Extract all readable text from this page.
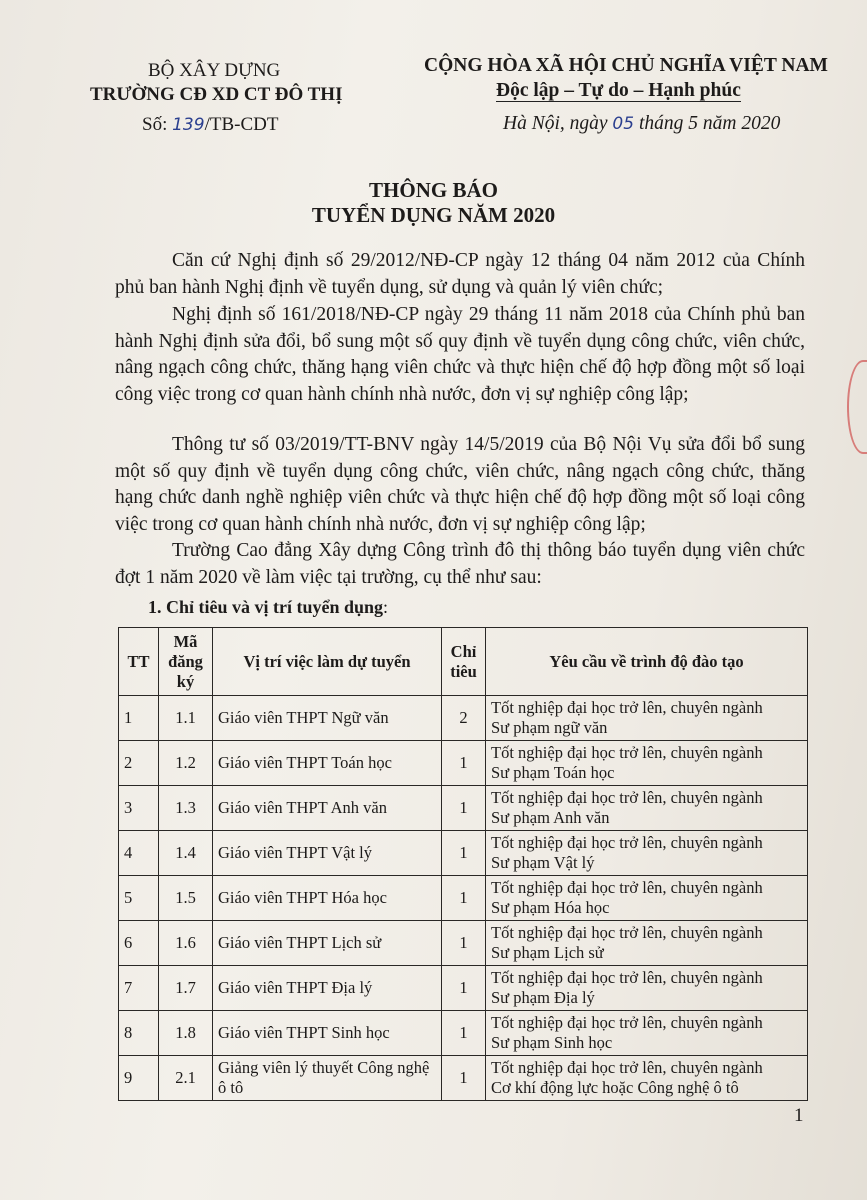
BỘ XÂY DỰNG
TRƯỜNG CĐ XD CT ĐÔ THỊ
Số: 139/TB-CDT
CỘNG HÒA XÃ HỘI CHỦ NGHĨA VIỆT NAM
Độc lập – Tự do – Hạnh phúc
Hà Nội, ngày 05 tháng 5 năm 2020
THÔNG BÁO
TUYỂN DỤNG NĂM 2020
Căn cứ Nghị định số 29/2012/NĐ-CP ngày 12 tháng 04 năm 2012 của Chính phủ ban hành Nghị định về tuyển dụng, sử dụng và quản lý viên chức;
Nghị định số 161/2018/NĐ-CP ngày 29 tháng 11 năm 2018 của Chính phủ ban hành Nghị định sửa đổi, bổ sung một số quy định về tuyển dụng công chức, viên chức, nâng ngạch công chức, thăng hạng viên chức và thực hiện chế độ hợp đồng một số loại công việc trong cơ quan hành chính nhà nước, đơn vị sự nghiệp công lập;
Thông tư số 03/2019/TT-BNV ngày 14/5/2019 của Bộ Nội Vụ sửa đổi bổ sung một số quy định về tuyển dụng công chức, viên chức, nâng ngạch công chức, thăng hạng chức danh nghề nghiệp viên chức và thực hiện chế độ hợp đồng một số loại công việc trong cơ quan hành chính nhà nước, đơn vị sự nghiệp công lập;
Trường Cao đẳng Xây dựng Công trình đô thị thông báo tuyển dụng viên chức đợt 1 năm 2020 về làm việc tại trường, cụ thể như sau:
1. Chỉ tiêu và vị trí tuyển dụng:
TT	Mã đăng ký	Vị trí việc làm dự tuyển	Chỉ tiêu	Yêu cầu về trình độ đào tạo
1	1.1	Giáo viên THPT Ngữ văn	2	Tốt nghiệp đại học trở lên, chuyên ngành
Sư phạm ngữ văn

2	1.2	Giáo viên THPT Toán học	1	Tốt nghiệp đại học trở lên, chuyên ngành
Sư phạm Toán học

3	1.3	Giáo viên THPT Anh văn	1	Tốt nghiệp đại học trở lên, chuyên ngành
Sư phạm Anh văn

4	1.4	Giáo viên THPT Vật lý	1	Tốt nghiệp đại học trở lên, chuyên ngành
Sư phạm Vật lý

5	1.5	Giáo viên THPT Hóa học	1	Tốt nghiệp đại học trở lên, chuyên ngành
Sư phạm Hóa học

6	1.6	Giáo viên THPT Lịch sử	1	Tốt nghiệp đại học trở lên, chuyên ngành
Sư phạm Lịch sử

7	1.7	Giáo viên THPT Địa lý	1	Tốt nghiệp đại học trở lên, chuyên ngành
Sư phạm Địa lý

8	1.8	Giáo viên THPT Sinh học	1	Tốt nghiệp đại học trở lên, chuyên ngành
Sư phạm Sinh học

9	2.1	Giảng viên lý thuyết Công nghệ ô tô	1	Tốt nghiệp đại học trở lên, chuyên ngành
Cơ khí động lực hoặc Công nghệ ô tô
1
